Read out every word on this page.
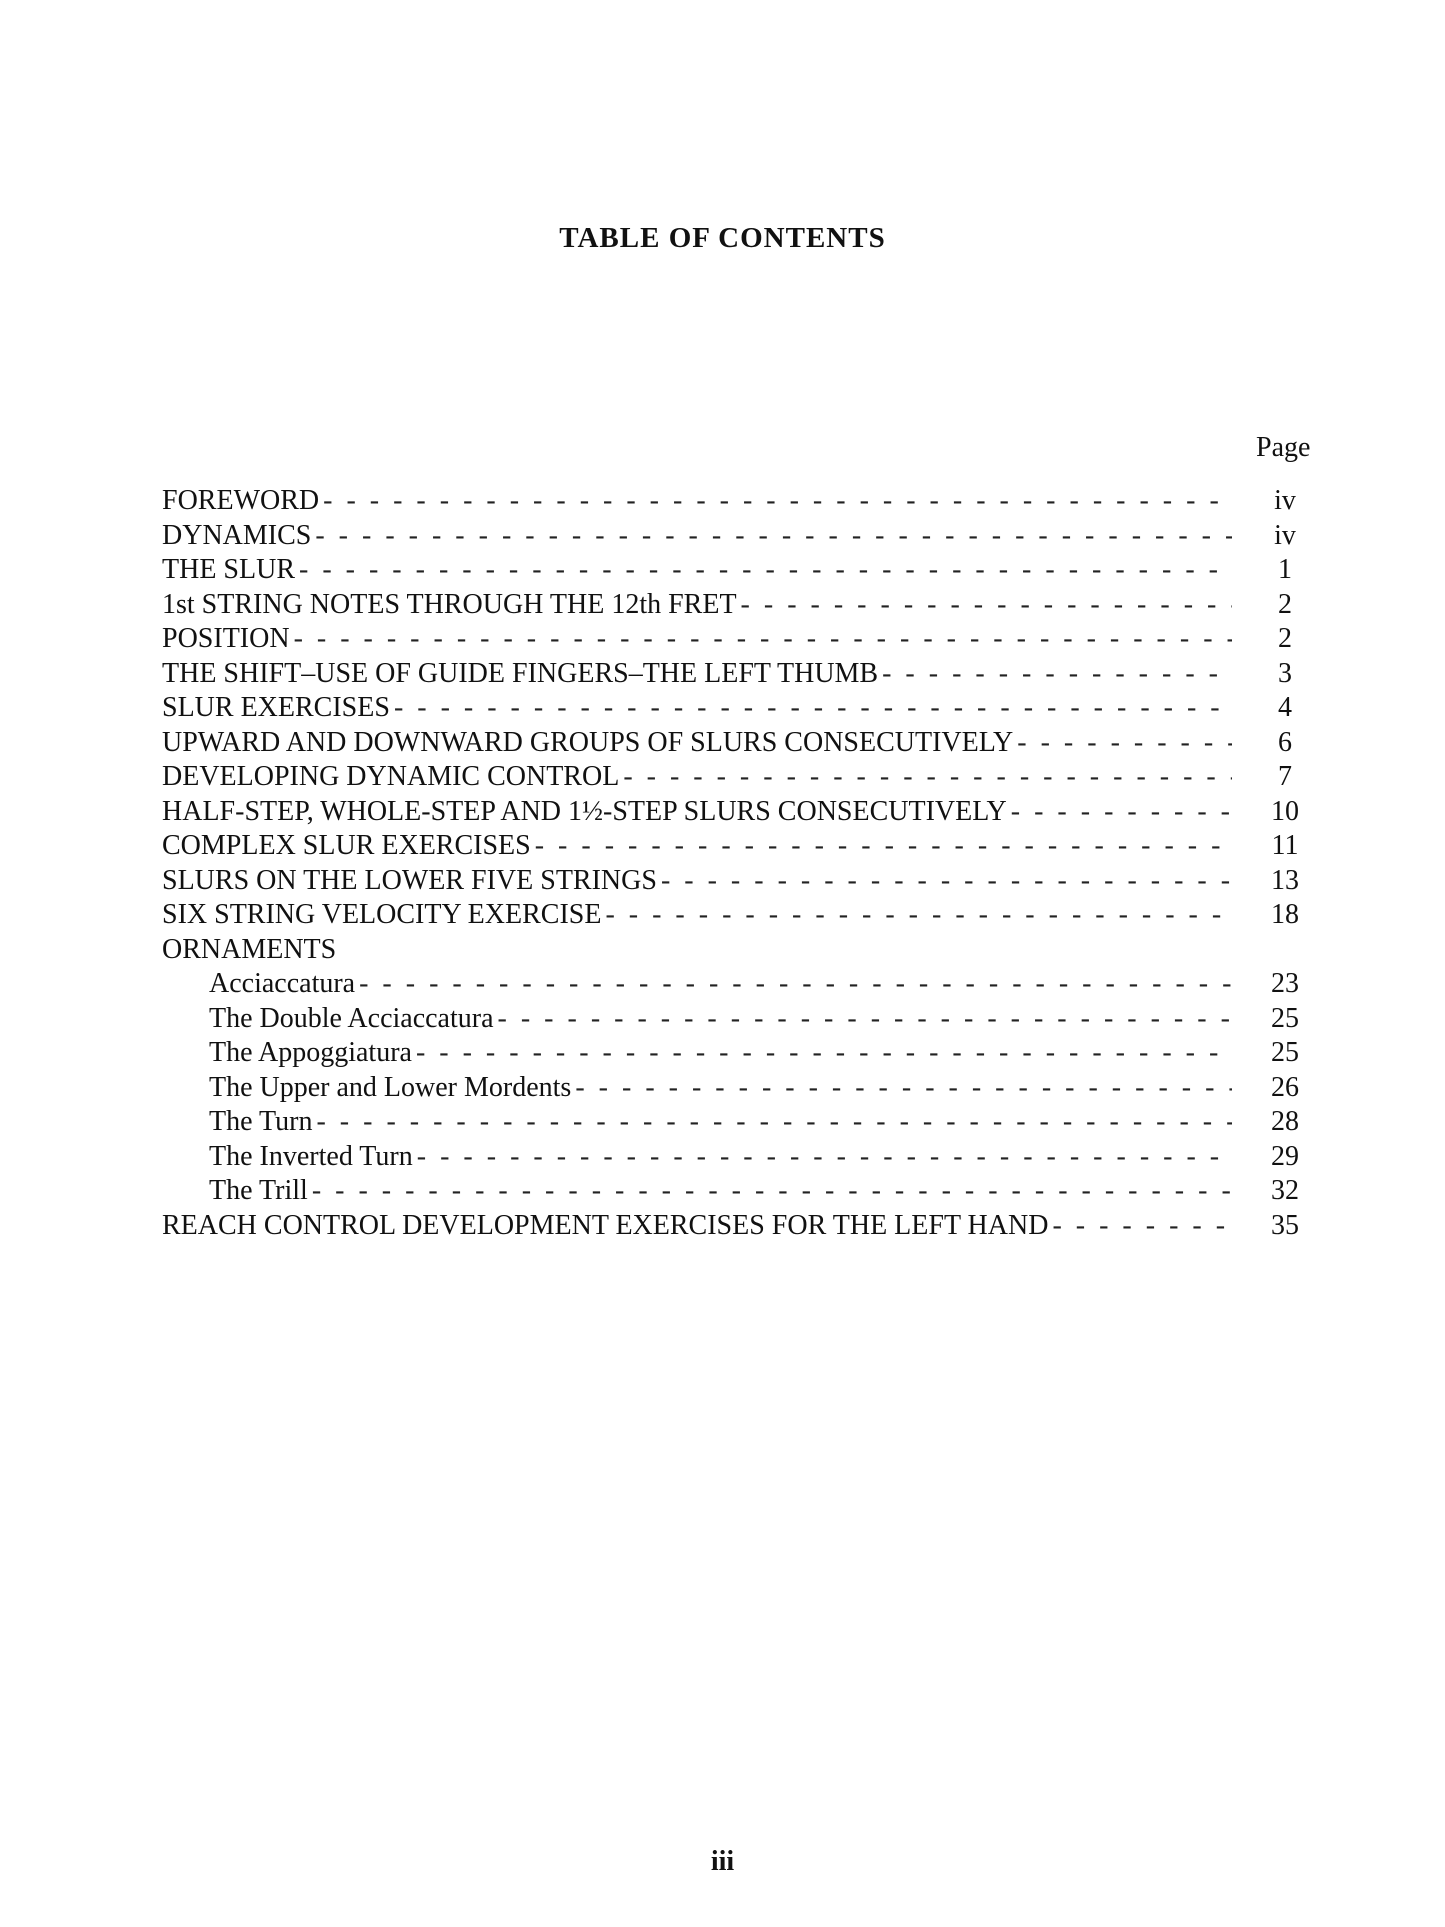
TABLE OF CONTENTS
Page
FOREWORD - - -	iv
DYNAMICS - - -	iv
THE SLUR - - -	1
1st STRING NOTES THROUGH THE 12th FRET - - -	2
POSITION - - -	2
THE SHIFT–USE OF GUIDE FINGERS–THE LEFT THUMB - - -	3
SLUR EXERCISES - - -	4
UPWARD AND DOWNWARD GROUPS OF SLURS CONSECUTIVELY - - -	6
DEVELOPING DYNAMIC CONTROL - - -	7
HALF-STEP, WHOLE-STEP AND 1½-STEP SLURS CONSECUTIVELY - - -	10
COMPLEX SLUR EXERCISES - - -	11
SLURS ON THE LOWER FIVE STRINGS - - -	13
SIX STRING VELOCITY EXERCISE - - -	18
ORNAMENTS
Acciaccatura - - -	23
The Double Acciaccatura - - -	25
The Appoggiatura - - -	25
The Upper and Lower Mordents - - -	26
The Turn - - -	28
The Inverted Turn - - -	29
The Trill - - -	32
REACH CONTROL DEVELOPMENT EXERCISES FOR THE LEFT HAND - - -	35
iii
